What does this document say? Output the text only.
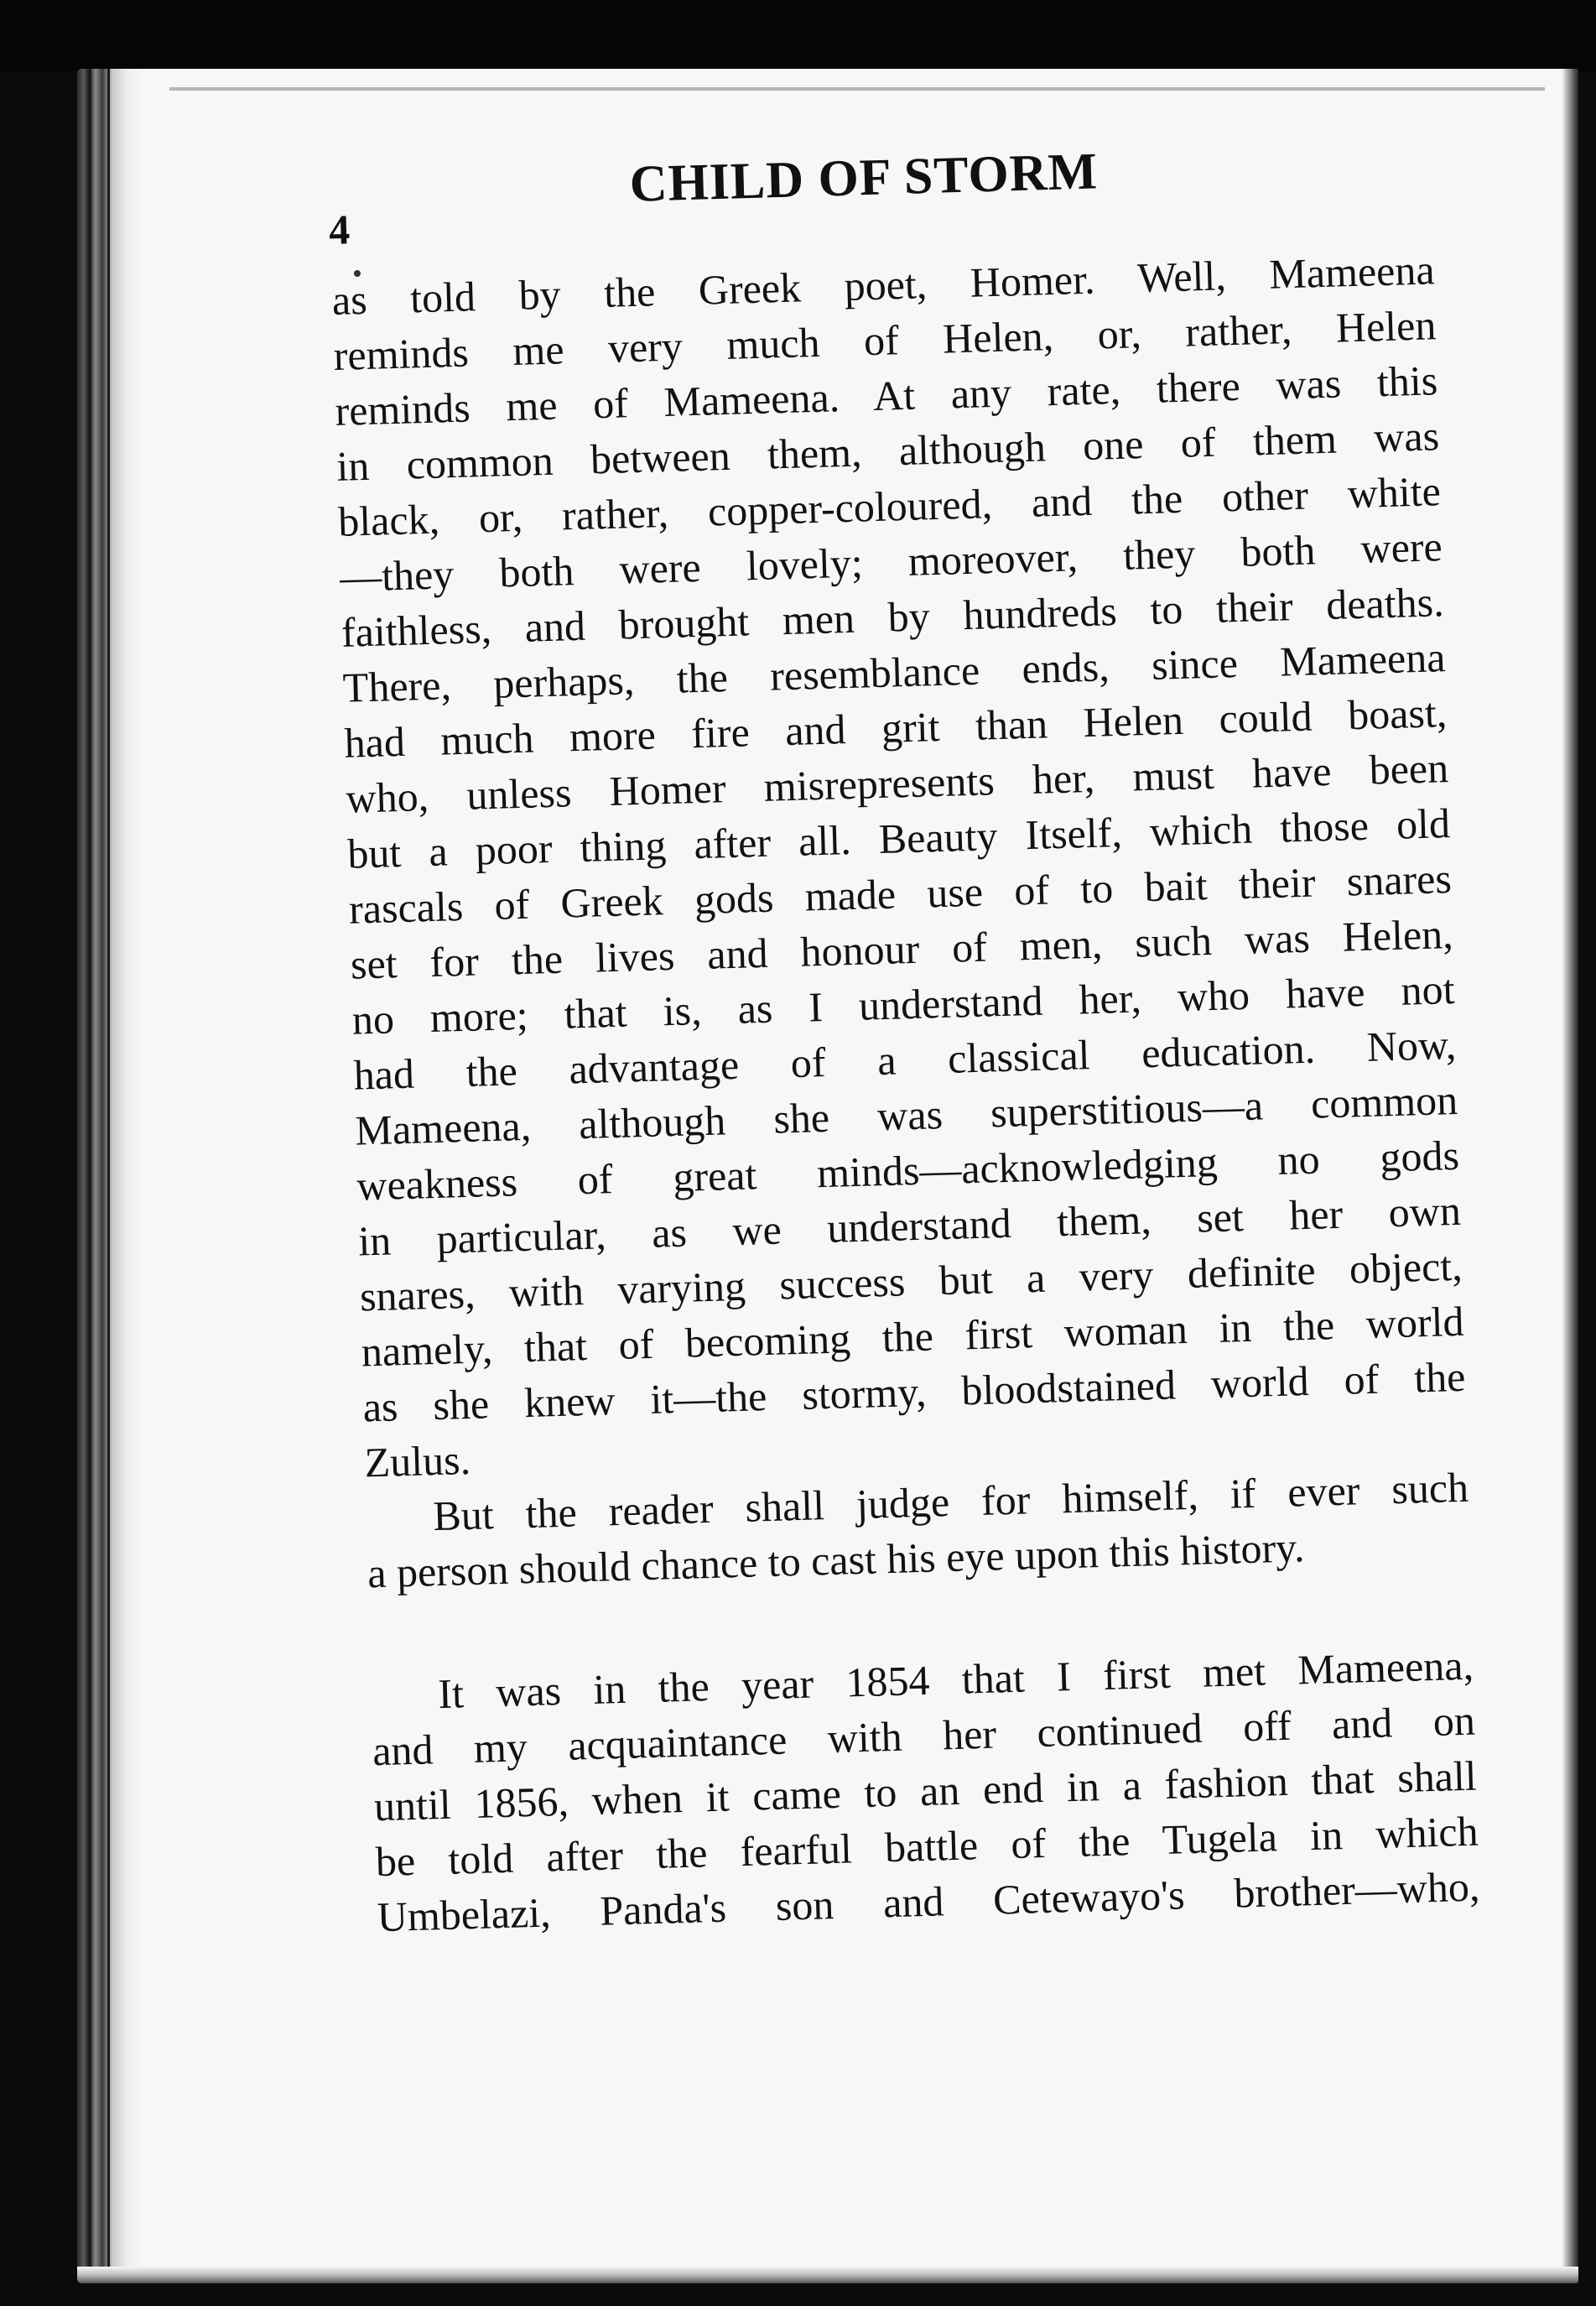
4
CHILD OF STORM
as told by the Greek poet, Homer. Well, Mameena
reminds me very much of Helen, or, rather, Helen
reminds me of Mameena. At any rate, there was this
in common between them, although one of them was
black, or, rather, copper-coloured, and the other white
—they both were lovely; moreover, they both were
faithless, and brought men by hundreds to their deaths.
There, perhaps, the resemblance ends, since Mameena
had much more fire and grit than Helen could boast,
who, unless Homer misrepresents her, must have been
but a poor thing after all. Beauty Itself, which those old
rascals of Greek gods made use of to bait their snares
set for the lives and honour of men, such was Helen,
no more; that is, as I understand her, who have not
had the advantage of a classical education. Now,
Mameena, although she was superstitious—a common
weakness of great minds—acknowledging no gods
in particular, as we understand them, set her own
snares, with varying success but a very definite object,
namely, that of becoming the first woman in the world
as she knew it—the stormy, bloodstained world of the
Zulus.
But the reader shall judge for himself, if ever such
a person should chance to cast his eye upon this history.
It was in the year 1854 that I first met Mameena,
and my acquaintance with her continued off and on
until 1856, when it came to an end in a fashion that shall
be told after the fearful battle of the Tugela in which
Umbelazi, Panda's son and Cetewayo's brother—who,
